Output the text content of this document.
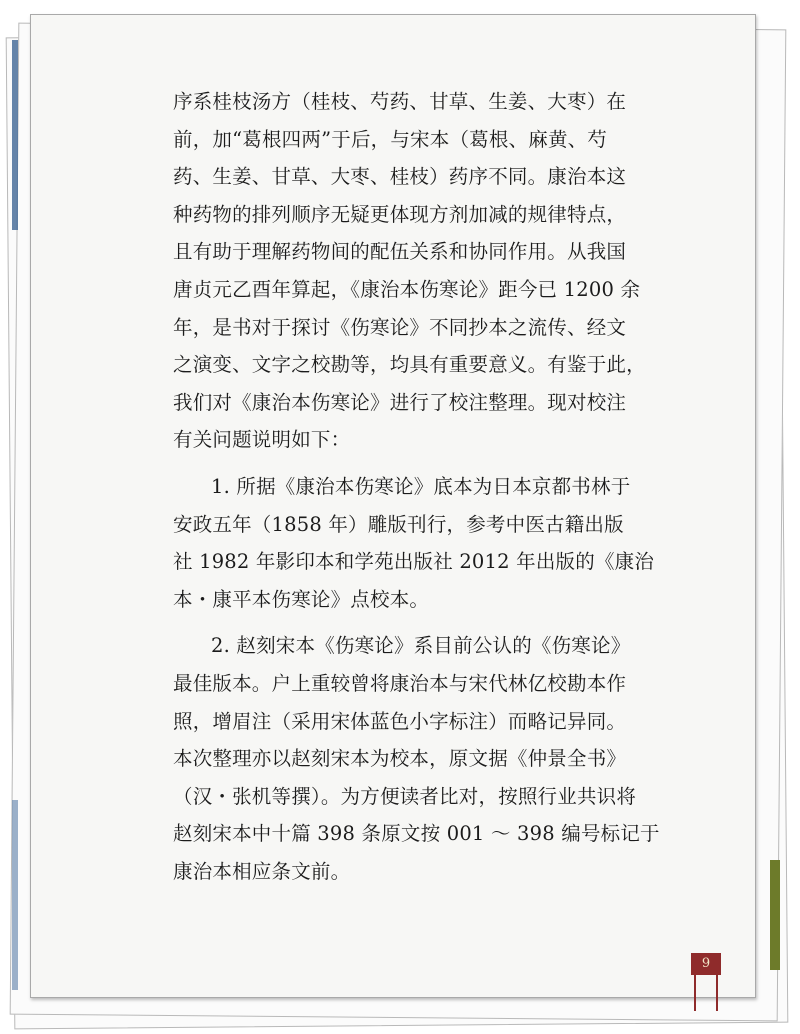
序系桂枝汤方（桂枝、芍药、甘草、生姜、大枣）在
前，加“葛根四两”于后，与宋本（葛根、麻黄、芍
药、生姜、甘草、大枣、桂枝）药序不同。康治本这
种药物的排列顺序无疑更体现方剂加减的规律特点，
且有助于理解药物间的配伍关系和协同作用。从我国
唐贞元乙酉年算起，《康治本伤寒论》距今已 1200 余
年，是书对于探讨《伤寒论》不同抄本之流传、经文
之演变、文字之校勘等，均具有重要意义。有鉴于此，
我们对《康治本伤寒论》进行了校注整理。现对校注
有关问题说明如下：
1. 所据《康治本伤寒论》底本为日本京都书林于
安政五年（1858 年）雕版刊行，参考中医古籍出版
社 1982 年影印本和学苑出版社 2012 年出版的《康治
本・康平本伤寒论》点校本。
2. 赵刻宋本《伤寒论》系目前公认的《伤寒论》
最佳版本。户上重较曾将康治本与宋代林亿校勘本作
照，增眉注（采用宋体蓝色小字标注）而略记异同。
本次整理亦以赵刻宋本为校本，原文据《仲景全书》
（汉・张机等撰）。为方便读者比对，按照行业共识将
赵刻宋本中十篇 398 条原文按 001 ～ 398 编号标记于
康治本相应条文前。
9
